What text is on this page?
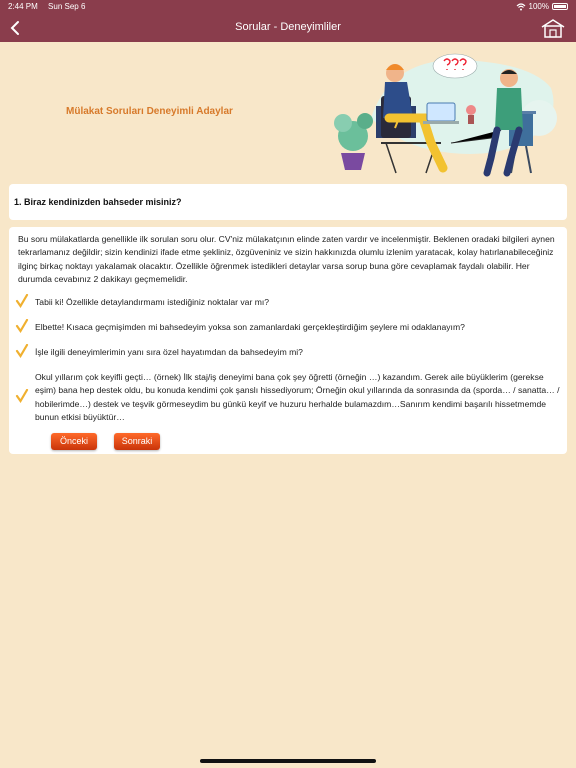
2:44 PM Sun Sep 6	100%
Sorular - Deneyimliler
Mülakat Soruları Deneyimli Adaylar
1. Biraz kendinizden bahseder misiniz?
Bu soru mülakatlarda genellikle ilk sorulan soru olur. CV'niz mülakatçının elinde zaten vardır ve incelenmiştir. Beklenen oradaki bilgileri aynen tekrarlamanız değildir; sizin kendinizi ifade etme şekliniz, özgüveniniz ve sizin hakkınızda olumlu izlenim yaratacak, kolay hatırlanabileceğiniz ilginç birkaç noktayı yakalamak olacaktır. Özellikle öğrenmek istedikleri detaylar varsa sorup buna göre cevaplamak faydalı olabilir. Her durumda cevabınız 2 dakikayı geçmemelidir.
Tabii ki! Özellikle detaylandırmamı istediğiniz noktalar var mı?
Elbette! Kısaca geçmişimden mi bahsedeyim yoksa son zamanlardaki gerçekleştirdiğim şeylere mi odaklanayım?
İşle ilgili deneyimlerimin yanı sıra özel hayatımdan da bahsedeyim mi?
Okul yıllarım çok keyifli geçti… (örnek) İlk staj/iş deneyimi bana çok şey öğretti (örneğin …) kazandım. Gerek aile büyüklerim (gerekse eşim) bana hep destek oldu, bu konuda kendimi çok şanslı hissediyorum; Örneğin okul yıllarında da sonrasında da (sporda… / sanatta… / hobilerimde…) destek ve teşvik görmeseydim bu günkü keyif ve huzuru herhalde bulamazdım…Sanırım kendimi başarılı hissetmemde bunun etkisi büyüktür…
Önceki	Sonraki
